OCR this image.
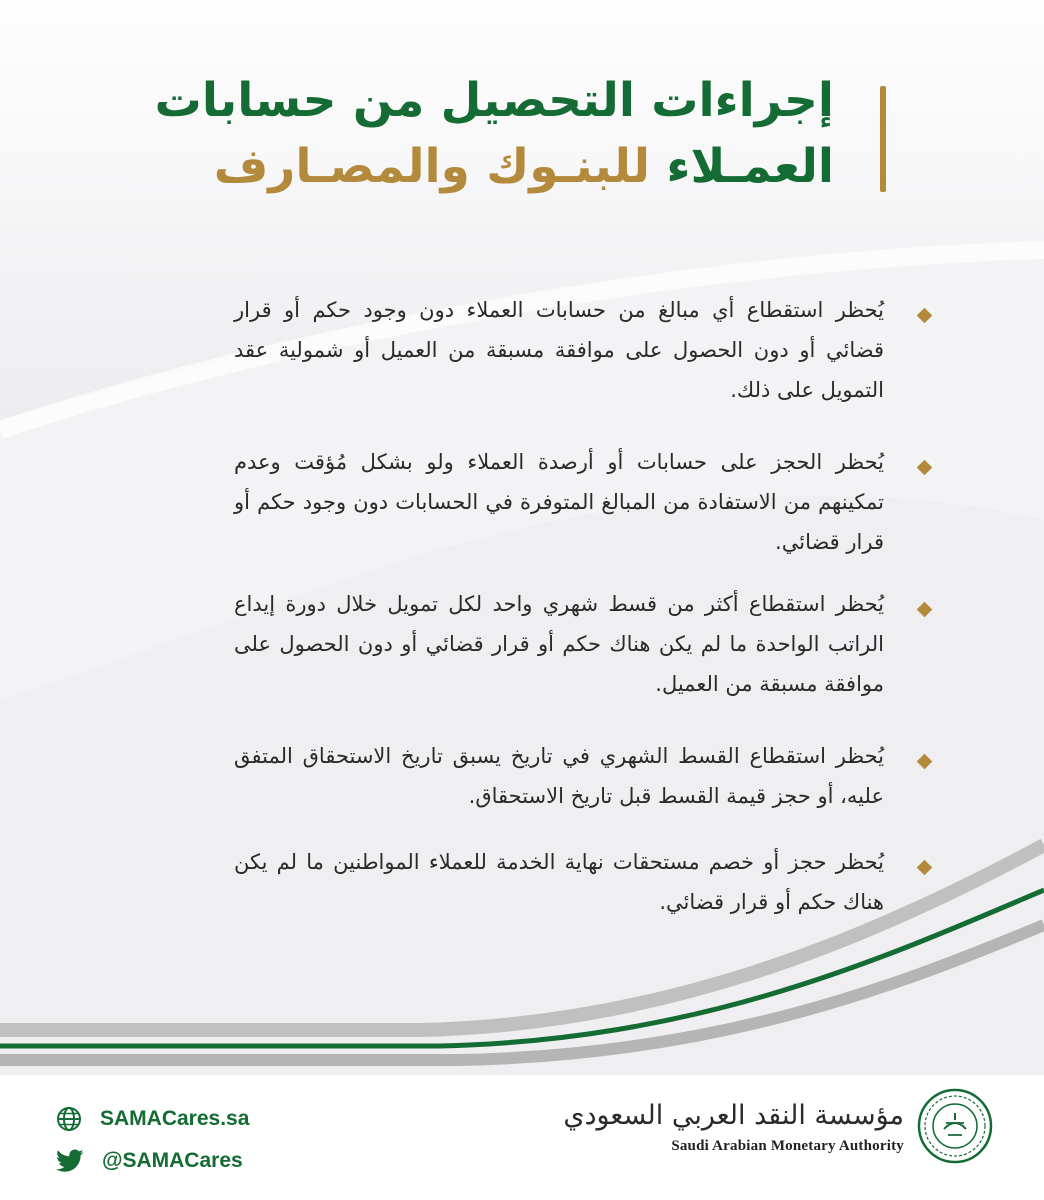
إجراءات التحصيل من حسابات
العمـلاء للبنـوك والمصـارف
يُحظر استقطاع أي مبالغ من حسابات العملاء دون وجود حكم أو قرار قضائي أو دون الحصول على موافقة مسبقة من العميل أو شمولية عقد التمويل على ذلك.
يُحظر الحجز على حسابات أو أرصدة العملاء ولو بشكل مُؤقت وعدم تمكينهم من الاستفادة من المبالغ المتوفرة في الحسابات دون وجود حكم أو قرار قضائي.
يُحظر استقطاع أكثر من قسط شهري واحد لكل تمويل خلال دورة إيداع الراتب الواحدة ما لم يكن هناك حكم أو قرار قضائي أو دون الحصول على موافقة مسبقة من العميل.
يُحظر استقطاع القسط الشهري في تاريخ يسبق تاريخ الاستحقاق المتفق عليه، أو حجز قيمة القسط قبل تاريخ الاستحقاق.
يُحظر حجز أو خصم مستحقات نهاية الخدمة للعملاء المواطنين ما لم يكن هناك حكم أو قرار قضائي.
SAMACares.sa
@SAMACares
مؤسسة النقد العربي السعودي
Saudi Arabian Monetary Authority
